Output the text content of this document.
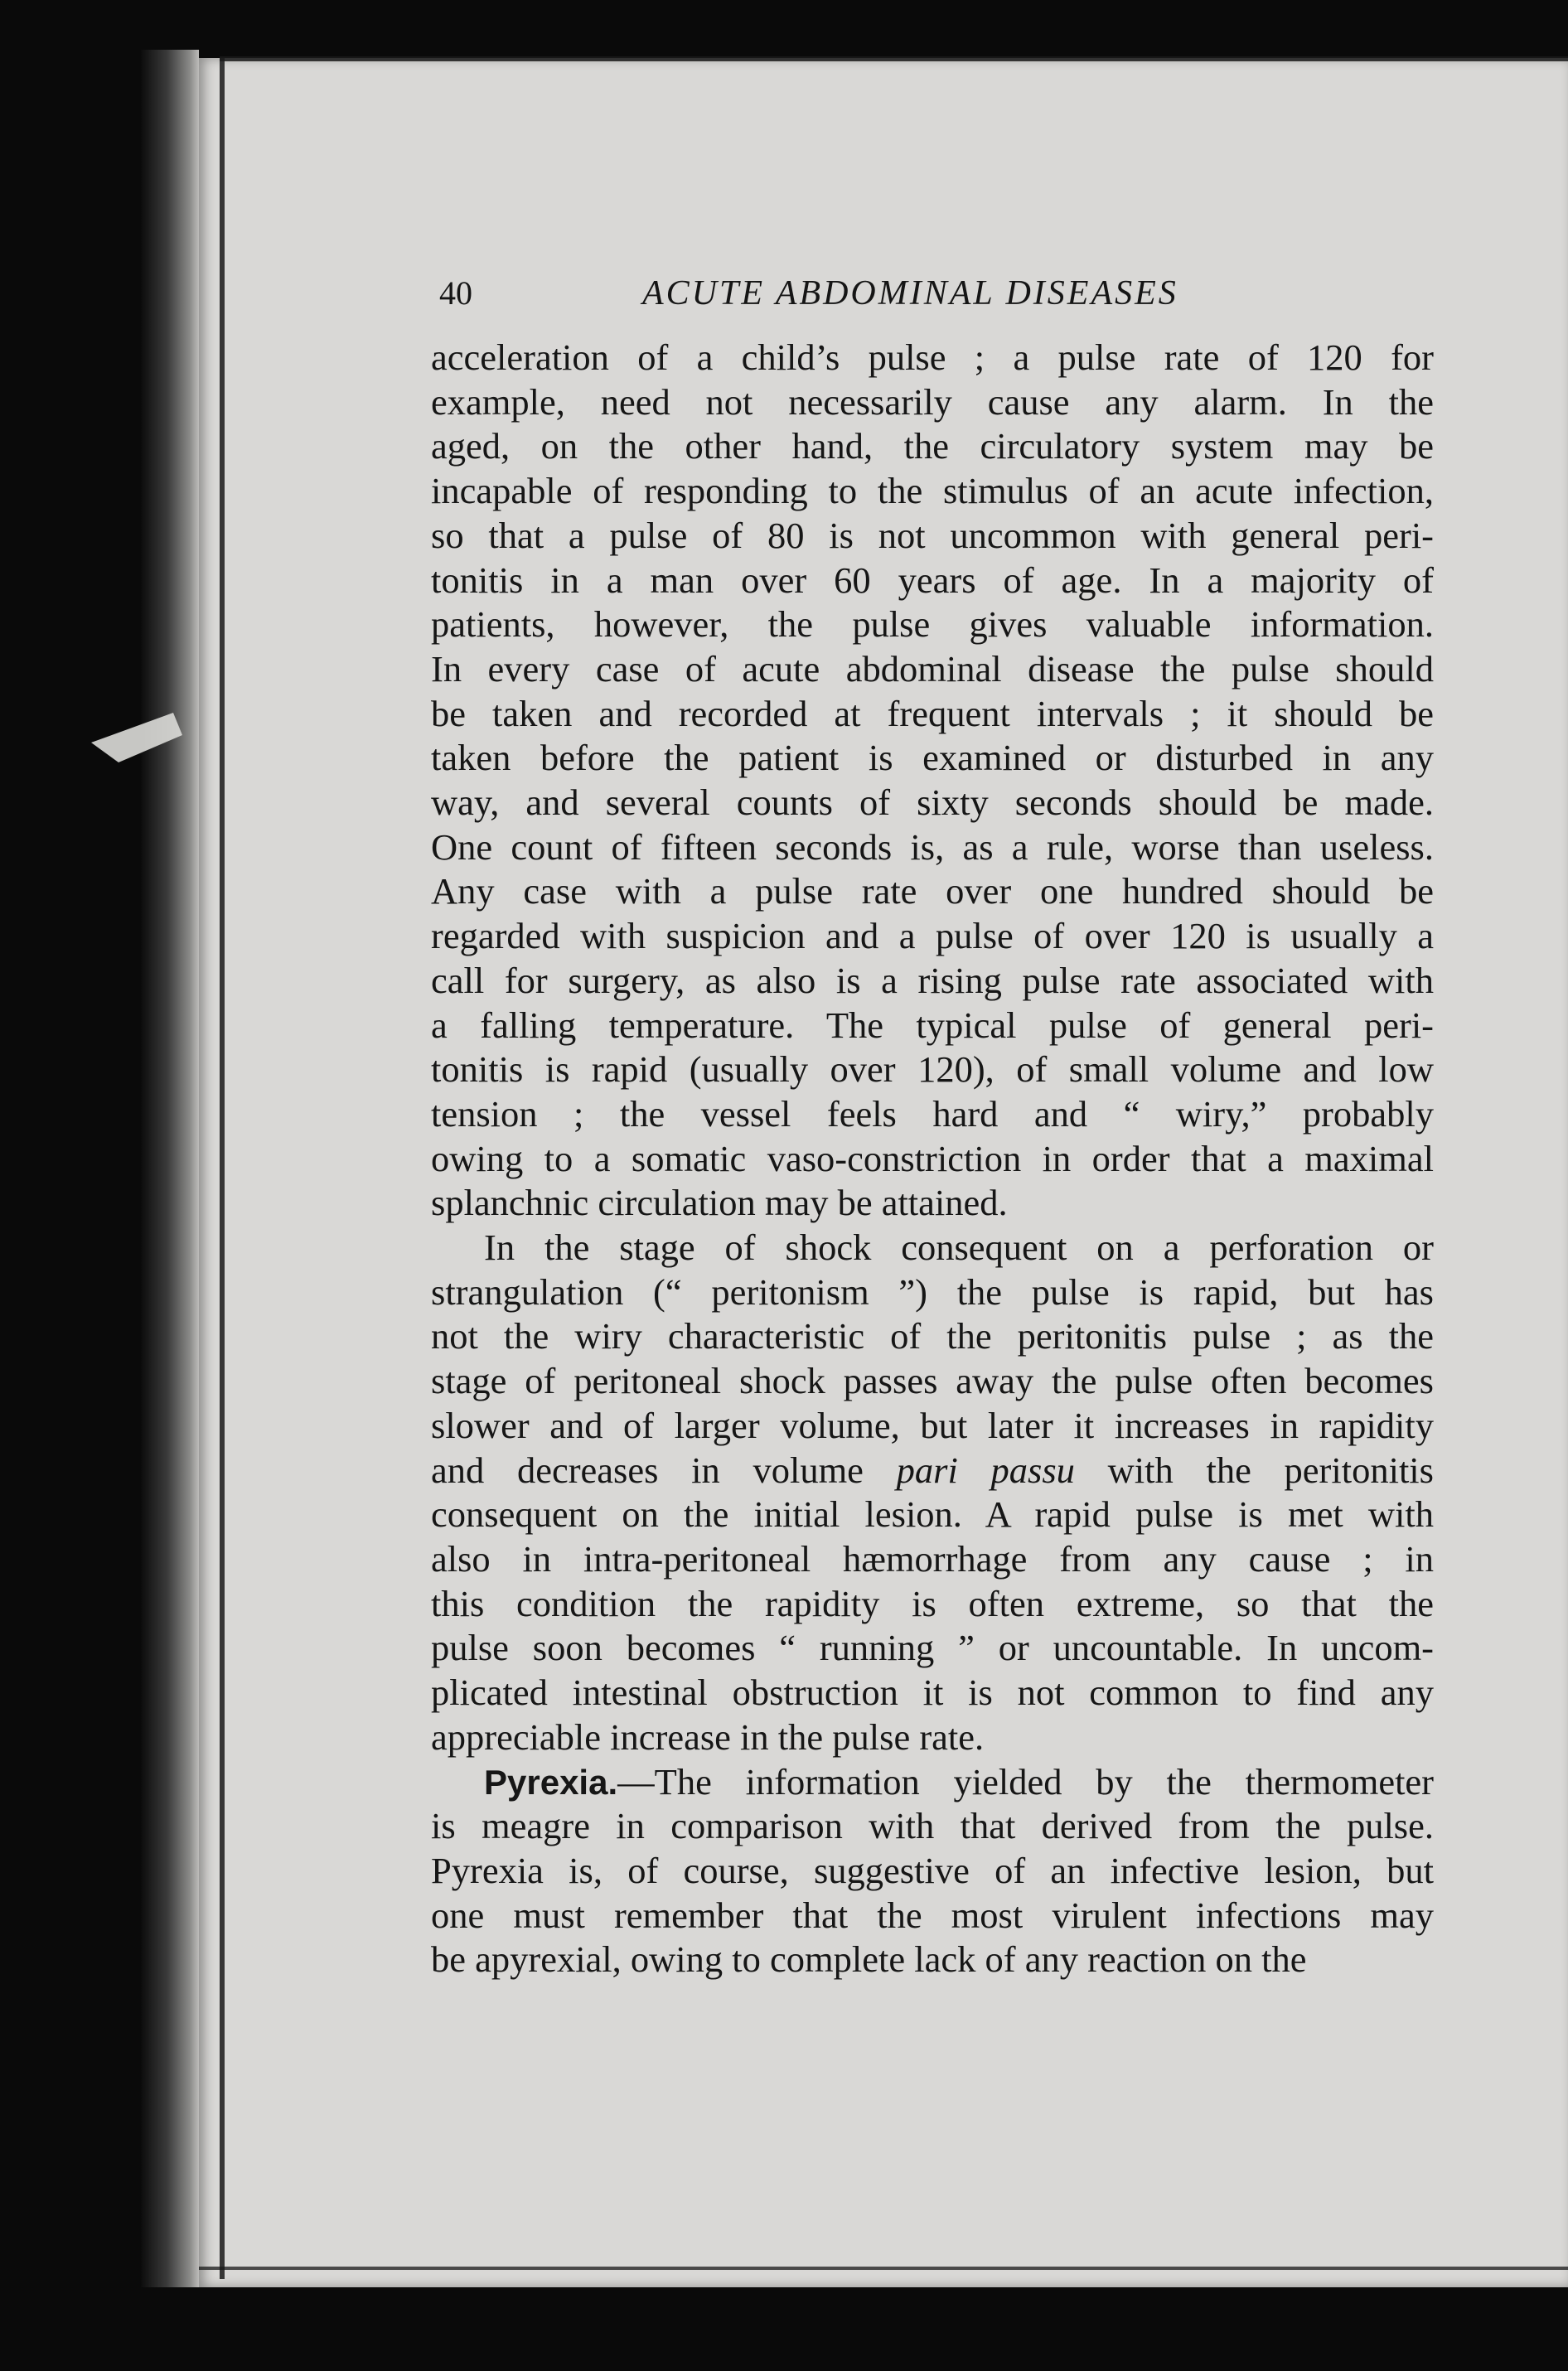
40	ACUTE ABDOMINAL DISEASES
acceleration of a child’s pulse ; a pulse rate of 120 for
example, need not necessarily cause any alarm. In the
aged, on the other hand, the circulatory system may be
incapable of responding to the stimulus of an acute infection,
so that a pulse of 80 is not uncommon with general peri-
tonitis in a man over 60 years of age. In a majority of
patients, however, the pulse gives valuable information.
In every case of acute abdominal disease the pulse should
be taken and recorded at frequent intervals ; it should be
taken before the patient is examined or disturbed in any
way, and several counts of sixty seconds should be made.
One count of fifteen seconds is, as a rule, worse than useless.
Any case with a pulse rate over one hundred should be
regarded with suspicion and a pulse of over 120 is usually a
call for surgery, as also is a rising pulse rate associated with
a falling temperature. The typical pulse of general peri-
tonitis is rapid (usually over 120), of small volume and low
tension ; the vessel feels hard and “ wiry,” probably
owing to a somatic vaso-constriction in order that a maximal
splanchnic circulation may be attained.
In the stage of shock consequent on a perforation or
strangulation (“ peritonism ”) the pulse is rapid, but has
not the wiry characteristic of the peritonitis pulse ; as the
stage of peritoneal shock passes away the pulse often becomes
slower and of larger volume, but later it increases in rapidity
and decreases in volume pari passu with the peritonitis
consequent on the initial lesion. A rapid pulse is met with
also in intra-peritoneal hæmorrhage from any cause ; in
this condition the rapidity is often extreme, so that the
pulse soon becomes “ running ” or uncountable. In uncom-
plicated intestinal obstruction it is not common to find any
appreciable increase in the pulse rate.
Pyrexia.—The information yielded by the thermometer
is meagre in comparison with that derived from the pulse.
Pyrexia is, of course, suggestive of an infective lesion, but
one must remember that the most virulent infections may
be apyrexial, owing to complete lack of any reaction on the
